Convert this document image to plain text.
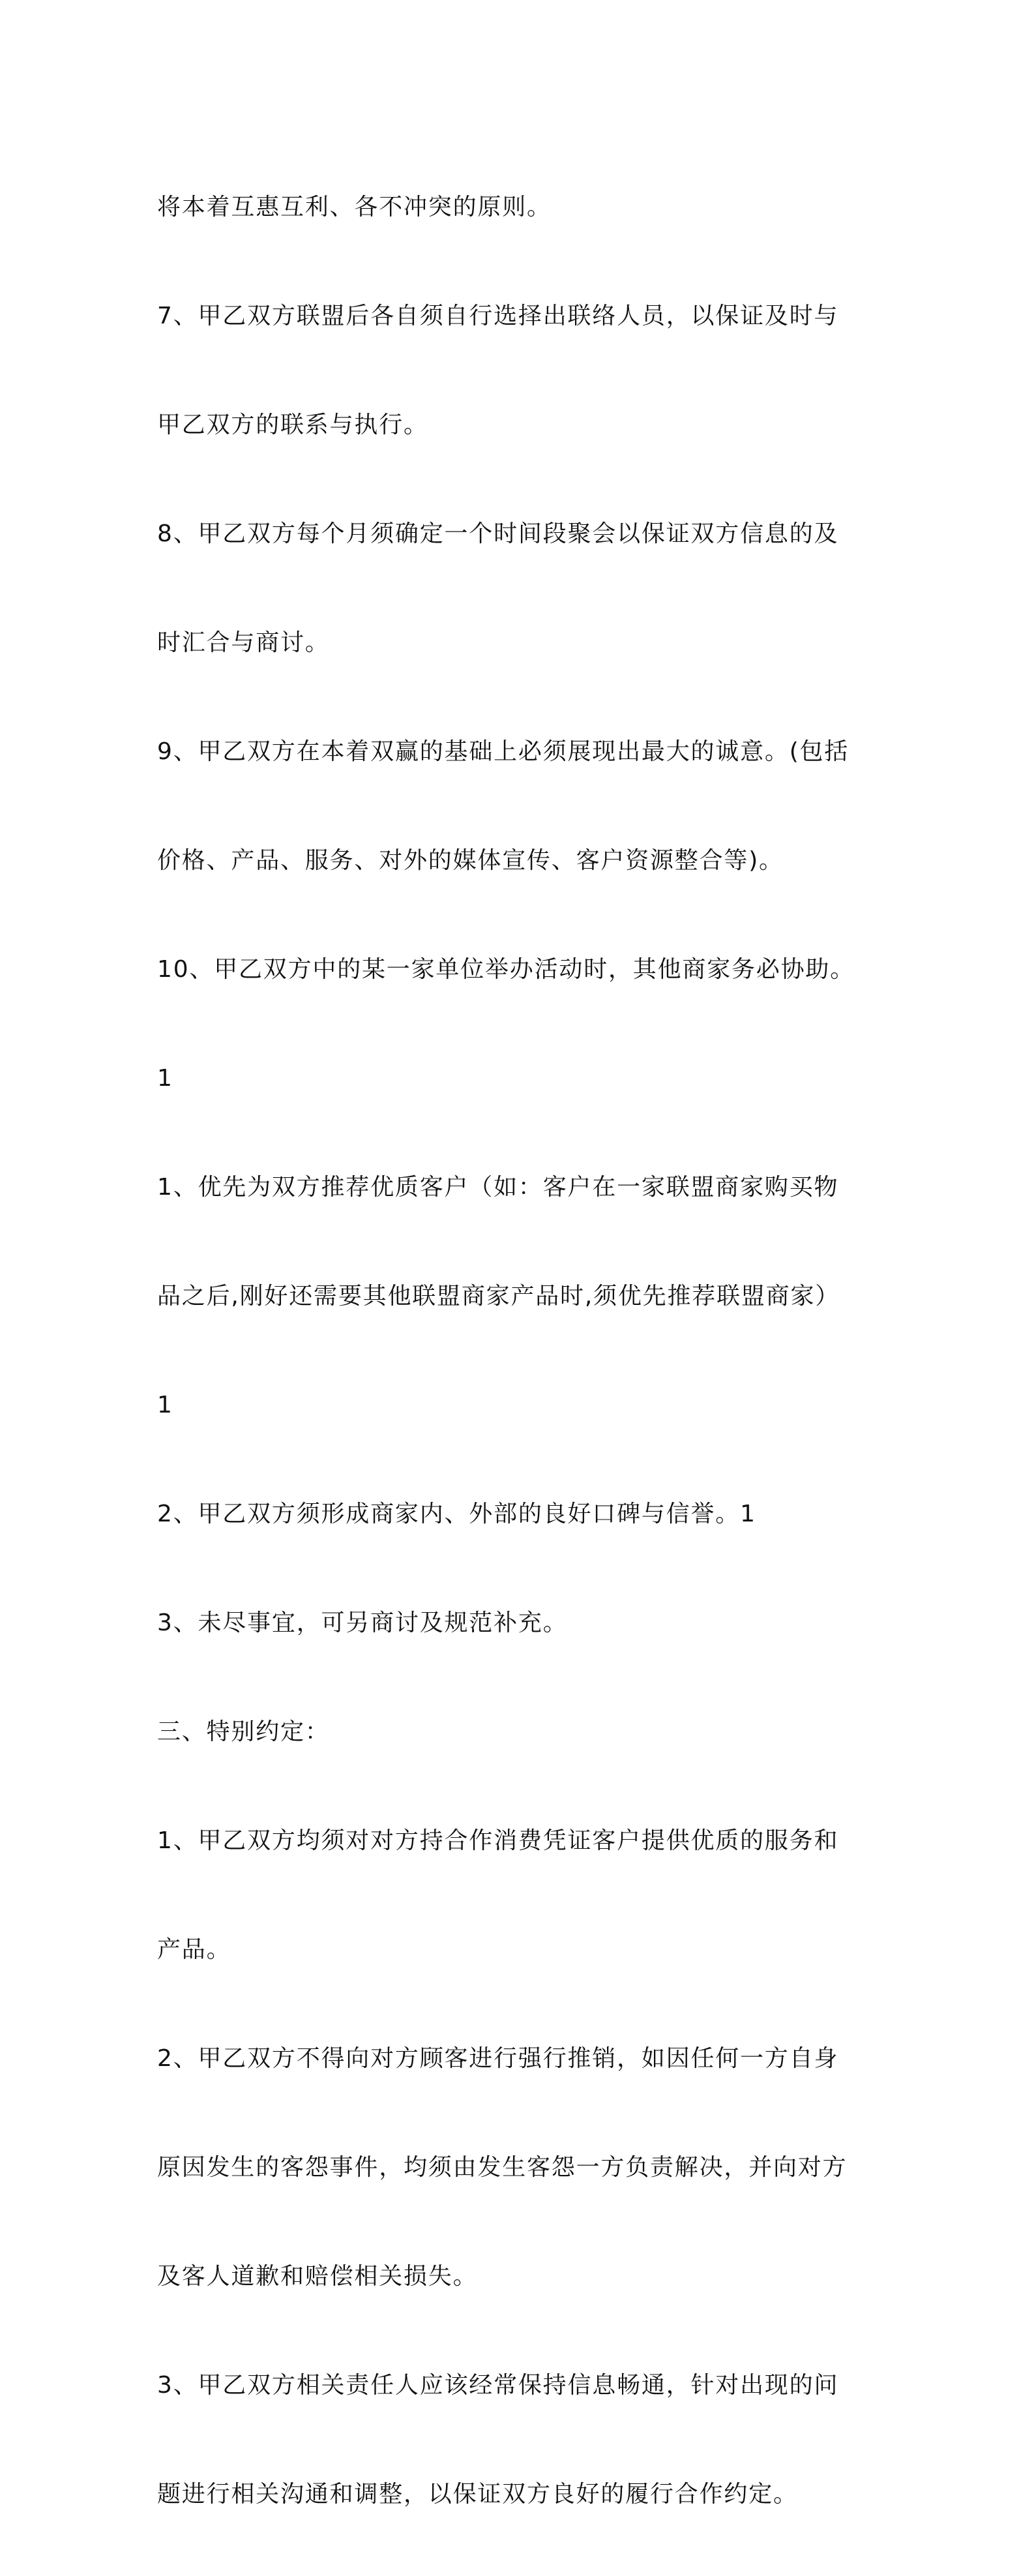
将本着互惠互利、各不冲突的原则。

7、甲乙双方联盟后各自须自行选择出联络人员，以保证及时与

甲乙双方的联系与执行。

8、甲乙双方每个月须确定一个时间段聚会以保证双方信息的及

时汇合与商讨。

9、甲乙双方在本着双赢的基础上必须展现出最大的诚意。(包括

价格、产品、服务、对外的媒体宣传、客户资源整合等)。

10、甲乙双方中的某一家单位举办活动时，其他商家务必协助。

1

1、优先为双方推荐优质客户（如：客户在一家联盟商家购买物

品之后,刚好还需要其他联盟商家产品时,须优先推荐联盟商家）

1

2、甲乙双方须形成商家内、外部的良好口碑与信誉。1

3、未尽事宜，可另商讨及规范补充。

三、特别约定：

1、甲乙双方均须对对方持合作消费凭证客户提供优质的服务和

产品。

2、甲乙双方不得向对方顾客进行强行推销，如因任何一方自身

原因发生的客怨事件，均须由发生客怨一方负责解决，并向对方

及客人道歉和赔偿相关损失。

3、甲乙双方相关责任人应该经常保持信息畅通，针对出现的问

题进行相关沟通和调整，以保证双方良好的履行合作约定。
